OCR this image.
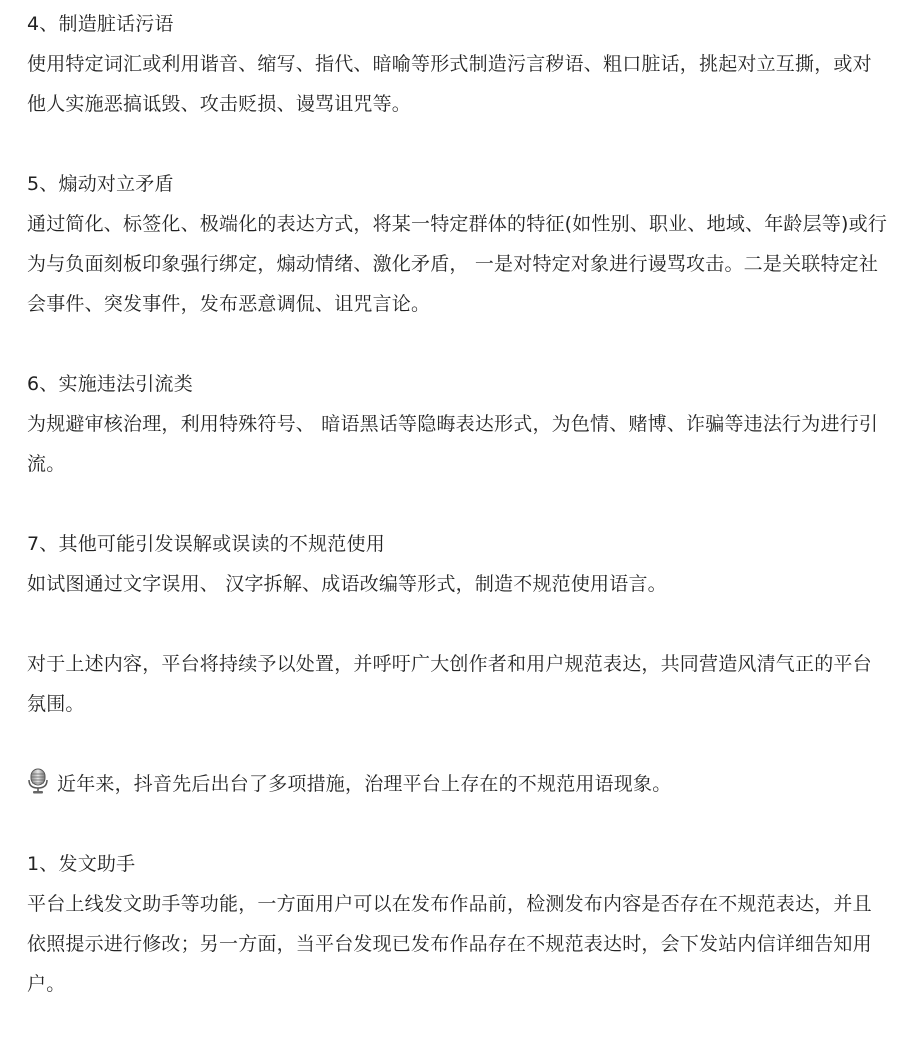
4、制造脏话污语

使用特定词汇或利用谐音、缩写、指代、暗喻等形式制造污言秽语、粗口脏话，挑起对立互撕，或对他人实施恶搞诋毁、攻击贬损、谩骂诅咒等。

5、煽动对立矛盾

通过简化、标签化、极端化的表达方式，将某一特定群体的特征(如性别、职业、地域、年龄层等)或行为与负面刻板印象强行绑定，煽动情绪、激化矛盾， 一是对特定对象进行谩骂攻击。二是关联特定社会事件、突发事件，发布恶意调侃、诅咒言论。

6、实施违法引流类

为规避审核治理，利用特殊符号、 暗语黑话等隐晦表达形式，为色情、赌博、诈骗等违法行为进行引流。

7、其他可能引发误解或误读的不规范使用

如试图通过文字误用、 汉字拆解、成语改编等形式，制造不规范使用语言。

对于上述内容，平台将持续予以处置，并呼吁广大创作者和用户规范表达，共同营造风清气正的平台氛围。

近年来，抖音先后出台了多项措施，治理平台上存在的不规范用语现象。

1、发文助手

平台上线发文助手等功能，一方面用户可以在发布作品前，检测发布内容是否存在不规范表达，并且依照提示进行修改；另一方面，当平台发现已发布作品存在不规范表达时，会下发站内信详细告知用户。
